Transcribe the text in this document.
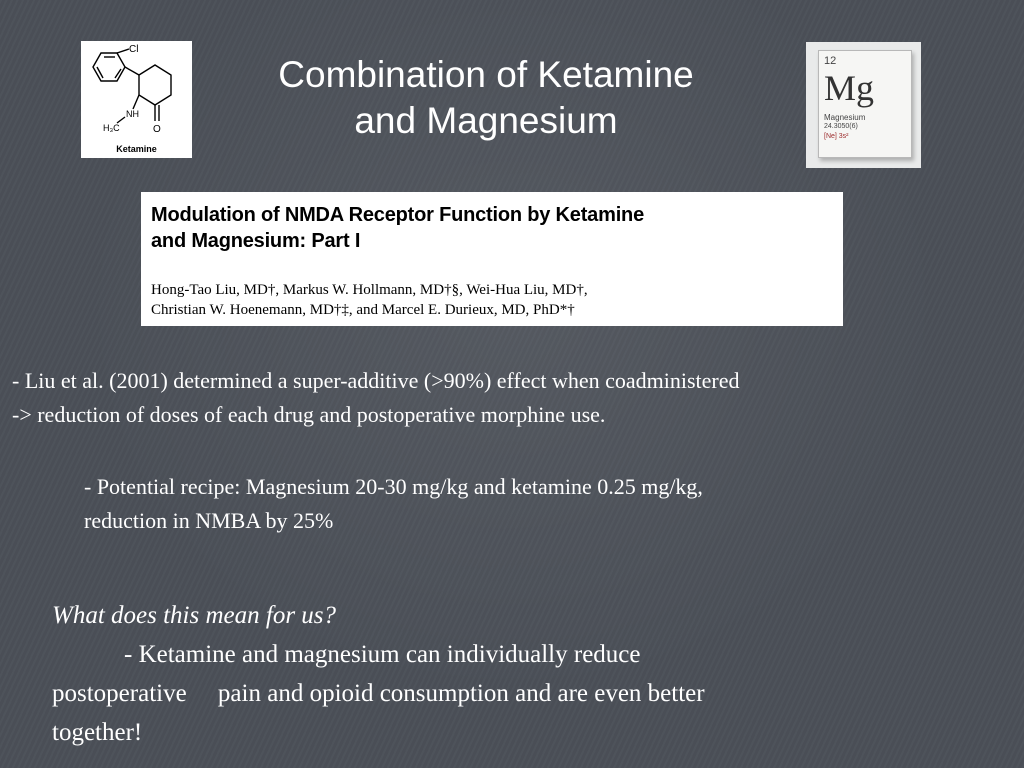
Cl
NH
H₃C	O
Ketamine
Combination of Ketamine
and Magnesium
12
Mg
Magnesium
24.3050(6)
[Ne] 3s²
Modulation of NMDA Receptor Function by Ketamine
and Magnesium: Part I
Hong-Tao Liu, MD†, Markus W. Hollmann, MD†§, Wei-Hua Liu, MD†,
Christian W. Hoenemann, MD†‡, and Marcel E. Durieux, MD, PhD*†
- Liu et al. (2001) determined a super-additive (>90%) effect when coadministered
-> reduction of doses of each drug and postoperative morphine use.
- Potential recipe: Magnesium 20-30 mg/kg and ketamine 0.25 mg/kg,
reduction in NMBA by 25%
What does this mean for us?
- Ketamine and magnesium can individually reduce
postoperative     pain and opioid consumption and are even better
together!
